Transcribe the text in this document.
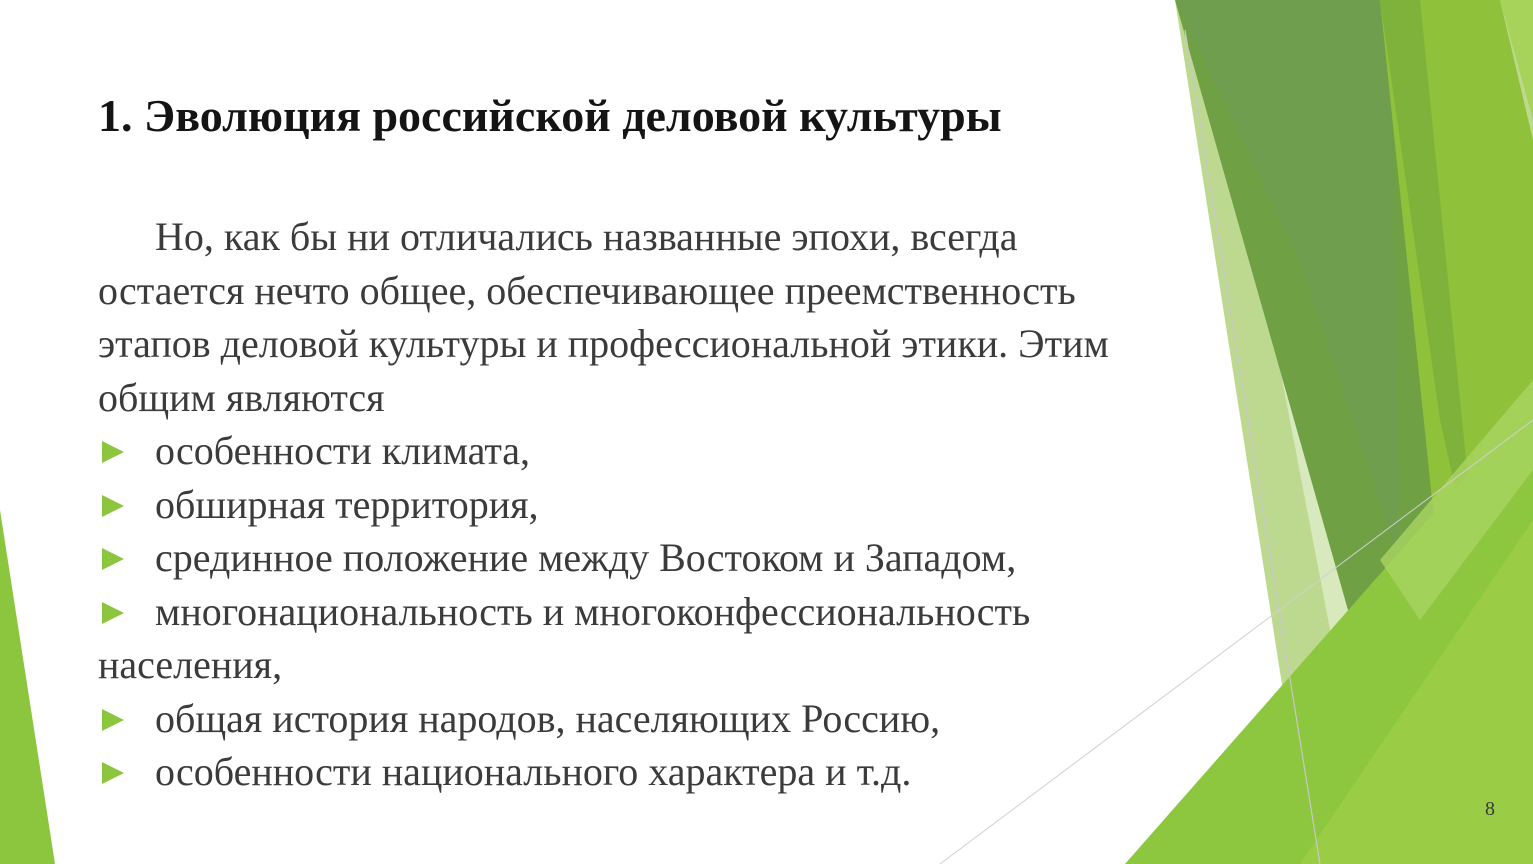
1. Эволюция российской деловой культуры
Но, как бы ни отличались названные эпохи, всегда
остается нечто общее, обеспечивающее преемственность
этапов деловой культуры и профессиональной этики. Этим
общим являются
особенности климата,
обширная территория,
срединное положение между Востоком и Западом,
многонациональность и многоконфессиональность
населения,
общая история народов, населяющих Россию,
особенности национального характера и т.д.
8
